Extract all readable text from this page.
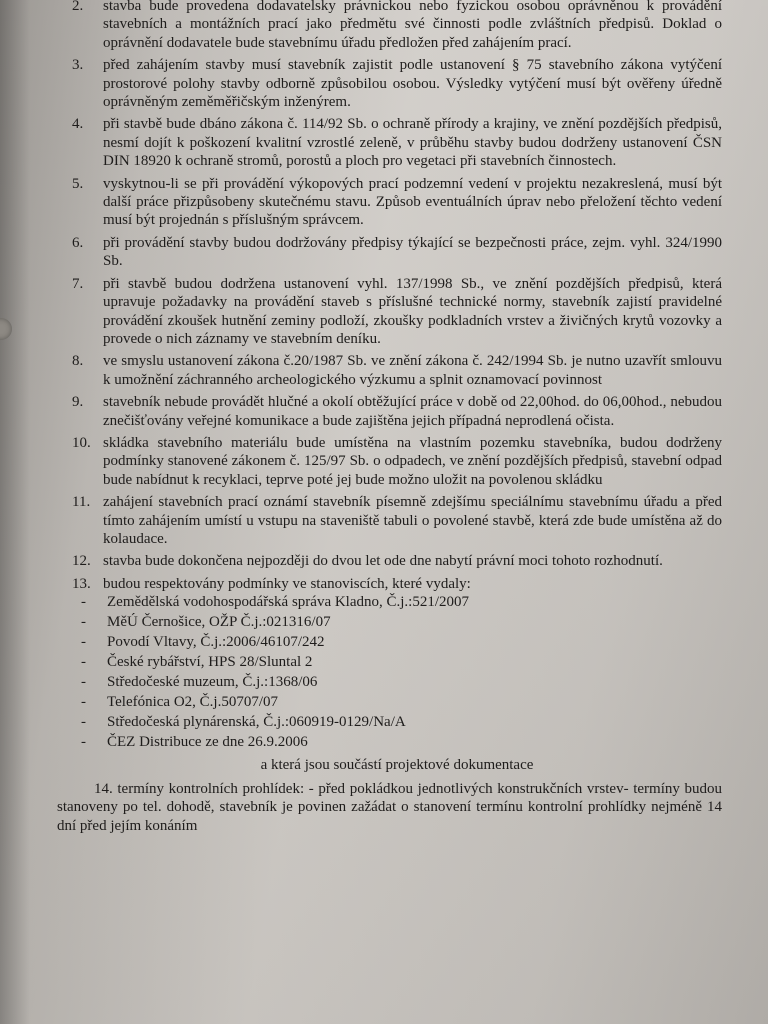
2. stavba bude provedena dodavatelsky právnickou nebo fyzickou osobou oprávněnou k provádění stavebních a montážních prací jako předmětu své činnosti podle zvláštních předpisů. Doklad o oprávnění dodavatele bude stavebnímu úřadu předložen před zahájením prací.

3. před zahájením stavby musí stavebník zajistit podle ustanovení § 75 stavebního zákona vytýčení prostorové polohy stavby odborně způsobilou osobou. Výsledky vytýčení musí být ověřeny úředně oprávněným zeměměřičským inženýrem.

4. při stavbě bude dbáno zákona č. 114/92 Sb. o ochraně přírody a krajiny, ve znění pozdějších předpisů, nesmí dojít k poškození kvalitní vzrostlé zeleně, v průběhu stavby budou dodrženy ustanovení ČSN DIN 18920 k ochraně stromů, porostů a ploch pro vegetaci při stavebních činnostech.

5. vyskytnou-li se při provádění výkopových prací podzemní vedení v projektu nezakreslená, musí být další práce přizpůsobeny skutečnému stavu. Způsob eventuálních úprav nebo přeložení těchto vedení musí být projednán s příslušným správcem.

6. při provádění stavby budou dodržovány předpisy týkající se bezpečnosti práce, zejm. vyhl. 324/1990 Sb.

7. při stavbě budou dodržena ustanovení vyhl. 137/1998 Sb., ve znění pozdějších předpisů, která upravuje požadavky na provádění staveb s příslušné technické normy, stavebník zajistí pravidelné provádění zkoušek hutnění zeminy podloží, zkoušky podkladních vrstev a živičných krytů vozovky a provede o nich záznamy ve stavebním deníku.

8. ve smyslu ustanovení zákona č.20/1987 Sb. ve znění zákona č. 242/1994 Sb. je nutno uzavřít smlouvu k umožnění záchranného archeologického výzkumu a splnit oznamovací povinnost

9. stavebník nebude provádět hlučné a okolí obtěžující práce v době od 22,00hod. do 06,00hod., nebudou znečišťovány veřejné komunikace a bude zajištěna jejich případná neprodlená očista.

10. skládka stavebního materiálu bude umístěna na vlastním pozemku stavebníka, budou dodrženy podmínky stanovené zákonem č. 125/97 Sb. o odpadech, ve znění pozdějších předpisů, stavební odpad bude nabídnut k recyklaci, teprve poté jej bude možno uložit na povolenou skládku

11. zahájení stavebních prací oznámí stavebník písemně zdejšímu speciálnímu stavebnímu úřadu a před tímto zahájením umístí u vstupu na staveniště tabuli o povolené stavbě, která zde bude umístěna až do kolaudace.

12. stavba bude dokončena nejpozději do dvou let ode dne nabytí právní moci tohoto rozhodnutí.

13. budou respektovány podmínky ve stanoviscích, které vydaly:

- Zemědělská vodohospodářská správa Kladno, Č.j.:521/2007
- MěÚ Černošice, OŽP Č.j.:021316/07
- Povodí Vltavy, Č.j.:2006/46107/242
- České rybářství, HPS 28/Sluntal 2
- Středočeské muzeum, Č.j.:1368/06
- Telefónica O2, Č.j.50707/07
- Středočeská plynárenská, Č.j.:060919-0129/Na/A
- ČEZ Distribuce ze dne 26.9.2006

a která jsou součástí projektové dokumentace

14. termíny kontrolních prohlídek: - před pokládkou jednotlivých konstrukčních vrstev- termíny budou stanoveny po tel. dohodě, stavebník je povinen zažádat o stanovení termínu kontrolní prohlídky nejméně 14 dní před jejím konáním
